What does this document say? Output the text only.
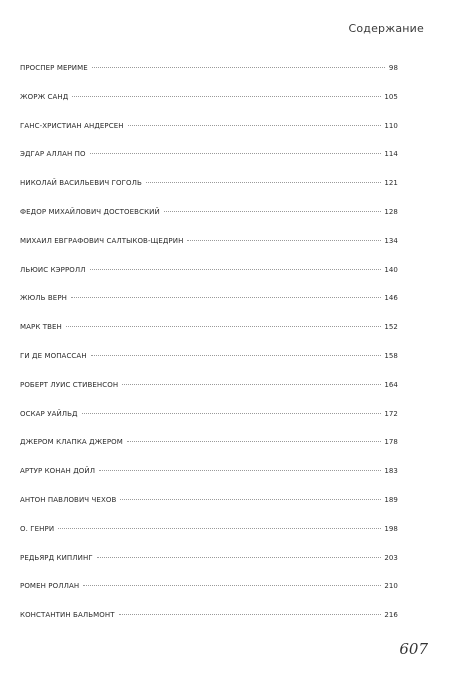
Содержание
ПРОСПЕР МЕРИМЕ	98
ЖОРЖ САНД	105
ГАНС-ХРИСТИАН АНДЕРСЕН	110
ЭДГАР АЛЛАН ПО	114
НИКОЛАЙ ВАСИЛЬЕВИЧ ГОГОЛЬ	121
ФЕДОР МИХАЙЛОВИЧ ДОСТОЕВСКИЙ	128
МИХАИЛ ЕВГРАФОВИЧ САЛТЫКОВ-ЩЕДРИН	134
ЛЬЮИС КЭРРОЛЛ	140
ЖЮЛЬ ВЕРН	146
МАРК ТВЕН	152
ГИ ДЕ МОПАССАН	158
РОБЕРТ ЛУИС СТИВЕНСОН	164
ОСКАР УАЙЛЬД	172
ДЖЕРОМ КЛАПКА ДЖЕРОМ	178
АРТУР КОНАН ДОЙЛ	183
АНТОН ПАВЛОВИЧ ЧЕХОВ	189
О. ГЕНРИ	198
РЕДЬЯРД КИПЛИНГ	203
РОМЕН РОЛЛАН	210
КОНСТАНТИН БАЛЬМОНТ	216
607
